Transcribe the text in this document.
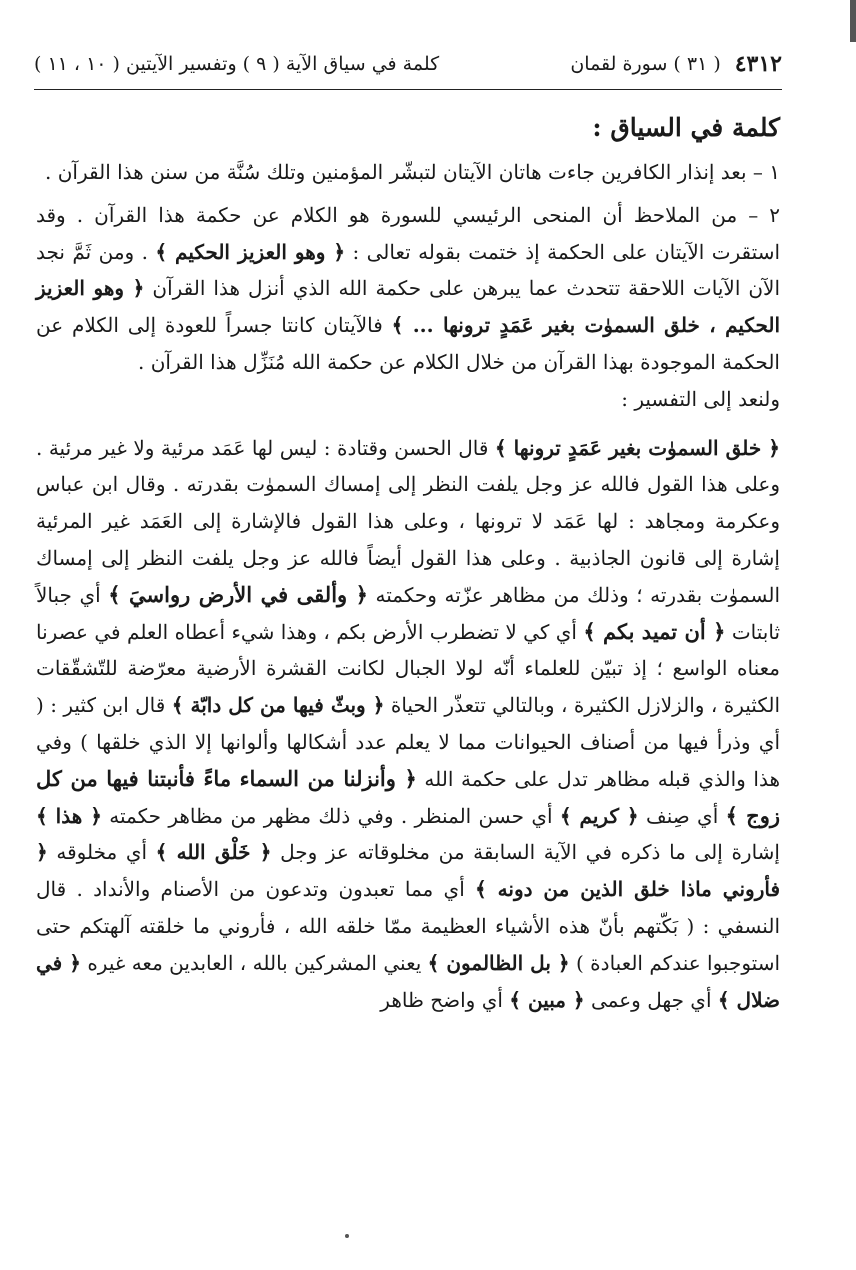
٤٣١٢
( ٣١ ) سورة لقمان
كلمة في سياق الآية ( ٩ ) وتفسير الآيتين ( ١٠ ، ١١ )
كلمة في السياق :

١ – بعد إنذار الكافرين جاءت هاتان الآيتان لتبشّر المؤمنين وتلك سُنَّة من سنن هذا القرآن .

٢ – من الملاحظ أن المنحى الرئيسي للسورة هو الكلام عن حكمة هذا القرآن . وقد استقرت الآيتان على الحكمة إذ ختمت بقوله تعالى : ﴿ وهو العزيز الحكيم ﴾ . ومن ثَمَّ نجد الآن الآيات اللاحقة تتحدث عما يبرهن على حكمة الله الذي أنزل هذا القرآن ﴿ وهو العزيز الحكيم ، خلق السموٰت بغير عَمَدٍ ترونها ... ﴾ فالآيتان كانتا جسراً للعودة إلى الكلام عن الحكمة الموجودة بهذا القرآن من خلال الكلام عن حكمة الله مُنَزِّل هذا القرآن .

ولنعد إلى التفسير :

﴿ خلق السموٰت بغير عَمَدٍ ترونها ﴾ قال الحسن وقتادة : ليس لها عَمَد مرئية ولا غير مرئية . وعلى هذا القول فالله عز وجل يلفت النظر إلى إمساك السموٰت بقدرته . وقال ابن عباس وعكرمة ومجاهد : لها عَمَد لا ترونها ، وعلى هذا القول فالإشارة إلى العَمَد غير المرئية إشارة إلى قانون الجاذبية . وعلى هذا القول أيضاً فالله عز وجل يلفت النظر إلى إمساك السموٰت بقدرته ؛ وذلك من مظاهر عزّته وحكمته ﴿ وألقى في الأرض رواسيَ ﴾ أي جبالاً ثابتات ﴿ أن تميد بكم ﴾ أي كي لا تضطرب الأرض بكم ، وهذا شيء أعطاه العلم في عصرنا معناه الواسع ؛ إذ تبيّن للعلماء أنّه لولا الجبال لكانت القشرة الأرضية معرّضة للتّشقّقات الكثيرة ، والزلازل الكثيرة ، وبالتالي تتعذّر الحياة ﴿ وبثّ فيها من كل دابّة ﴾ قال ابن كثير : ( أي وذرأ فيها من أصناف الحيوانات مما لا يعلم عدد أشكالها وألوانها إلا الذي خلقها ) وفي هذا والذي قبله مظاهر تدل على حكمة الله ﴿ وأنزلنا من السماء ماءً فأنبتنا فيها من كل زوج ﴾ أي صِنف ﴿ كريم ﴾ أي حسن المنظر . وفي ذلك مظهر من مظاهر حكمته ﴿ هذا ﴾ إشارة إلى ما ذكره في الآية السابقة من مخلوقاته عز وجل ﴿ خَلْق الله ﴾ أي مخلوقه ﴿ فأروني ماذا خلق الذين من دونه ﴾ أي مما تعبدون وتدعون من الأصنام والأنداد . قال النسفي : ( بَكّتهم بأنّ هذه الأشياء العظيمة ممّا خلقه الله ، فأروني ما خلقته آلهتكم حتى استوجبوا عندكم العبادة ) ﴿ بل الظالمون ﴾ يعني المشركين بالله ، العابدين معه غيره ﴿ في ضلال ﴾ أي جهل وعمى ﴿ مبين ﴾ أي واضح ظاهر
